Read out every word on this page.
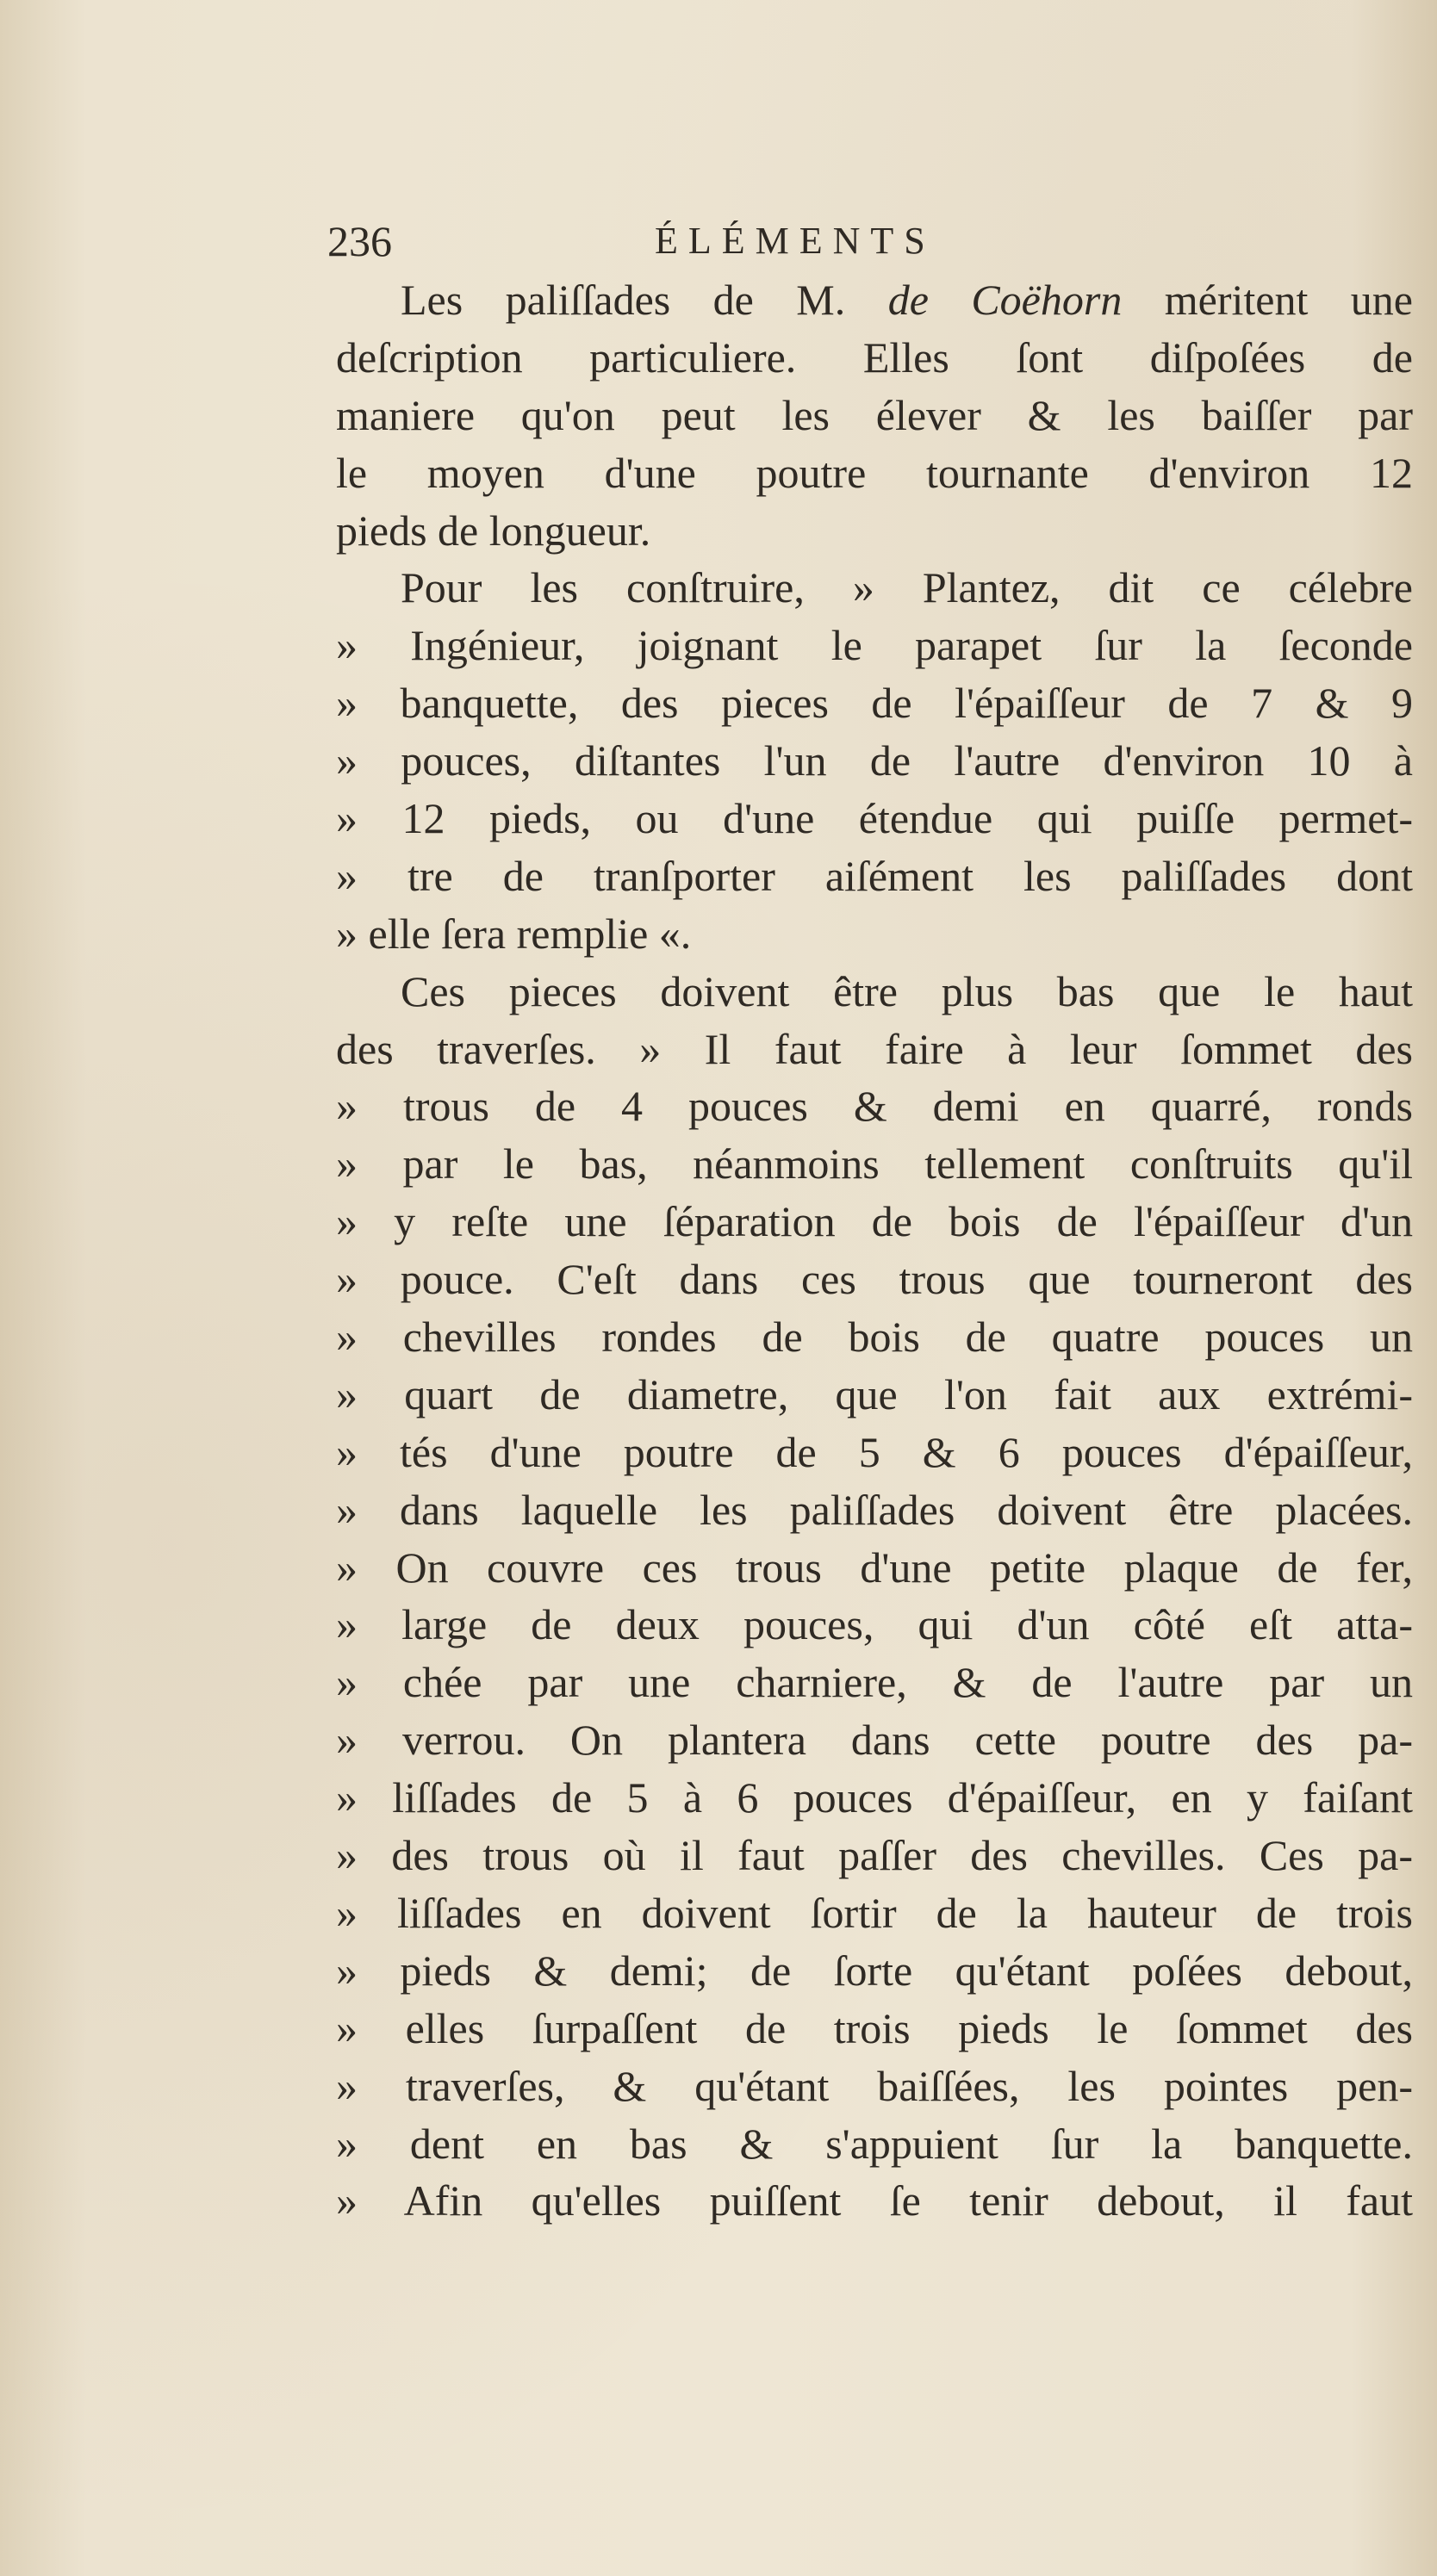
236	ÉLÉMENTS
Les paliſſades de M. de Coëhorn méritent une
deſcription particuliere. Elles ſont diſpoſées de
maniere qu'on peut les élever & les baiſſer par
le moyen d'une poutre tournante d'environ 12
pieds de longueur.
Pour les conſtruire, » Plantez, dit ce célebre
» Ingénieur, joignant le parapet ſur la ſeconde
» banquette, des pieces de l'épaiſſeur de 7 & 9
» pouces, diſtantes l'un de l'autre d'environ 10 à
» 12 pieds, ou d'une étendue qui puiſſe permet-
» tre de tranſporter aiſément les paliſſades dont
» elle ſera remplie «.
Ces pieces doivent être plus bas que le haut
des traverſes. » Il faut faire à leur ſommet des
» trous de 4 pouces & demi en quarré, ronds
» par le bas, néanmoins tellement conſtruits qu'il
» y reſte une ſéparation de bois de l'épaiſſeur d'un
» pouce. C'eſt dans ces trous que tourneront des
» chevilles rondes de bois de quatre pouces un
» quart de diametre, que l'on fait aux extrémi-
» tés d'une poutre de 5 & 6 pouces d'épaiſſeur,
» dans laquelle les paliſſades doivent être placées.
» On couvre ces trous d'une petite plaque de fer,
» large de deux pouces, qui d'un côté eſt atta-
» chée par une charniere, & de l'autre par un
» verrou. On plantera dans cette poutre des pa-
» liſſades de 5 à 6 pouces d'épaiſſeur, en y faiſant
» des trous où il faut paſſer des chevilles. Ces pa-
» liſſades en doivent ſortir de la hauteur de trois
» pieds & demi; de ſorte qu'étant poſées debout,
» elles ſurpaſſent de trois pieds le ſommet des
» traverſes, & qu'étant baiſſées, les pointes pen-
» dent en bas & s'appuient ſur la banquette.
» Afin qu'elles puiſſent ſe tenir debout, il faut
